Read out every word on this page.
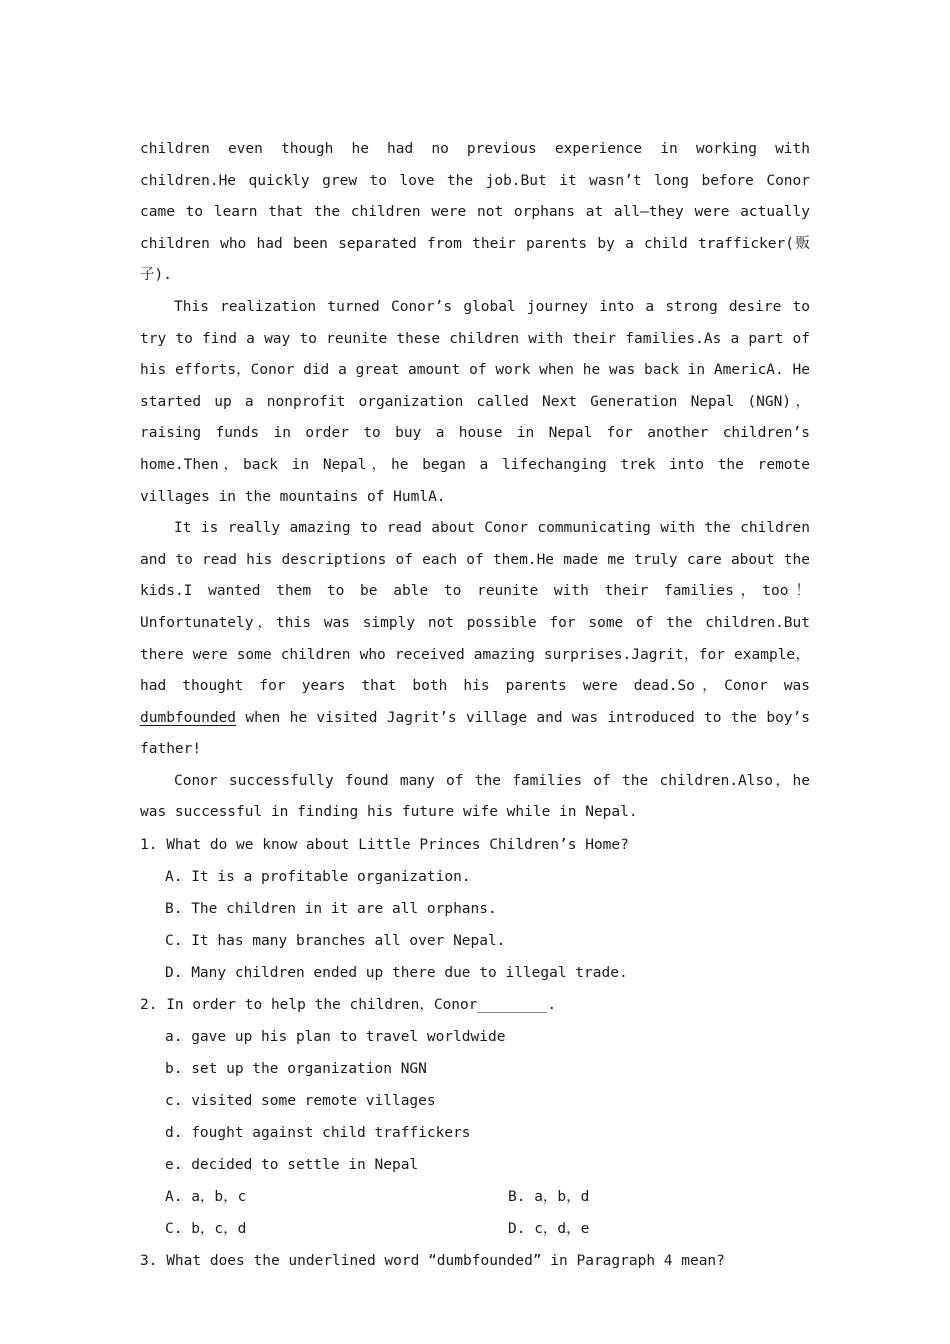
children even though he had no previous experience in working with children.He quickly grew to love the job.But it wasn’t long before Conor came to learn that the children were not orphans at all—they were actually children who had been separated from their parents by a child trafficker(贩子).

This realization turned Conor’s global journey into a strong desire to try to find a way to reunite these children with their families.As a part of his efforts，Conor did a great amount of work when he was back in AmericA. He started up a nonprofit organization called Next Generation Nepal (NGN)，raising funds in order to buy a house in Nepal for another children’s home.Then，back in Nepal，he began a lifechanging trek into the remote villages in the mountains of HumlA.

It is really amazing to read about Conor communicating with the children and to read his descriptions of each of them.He made me truly care about the kids.I wanted them to be able to reunite with their families，too！Unfortunately，this was simply not possible for some of the children.But there were some children who received amazing surprises.Jagrit，for example，had thought for years that both his parents were dead.So，Conor was dumbfounded when he visited Jagrit’s village and was introduced to the boy’s father!

Conor successfully found many of the families of the children.Also，he was successful in finding his future wife while in Nepal.

1. What do we know about Little Princes Children’s Home?
A. It is a profitable organization.
B. The children in it are all orphans.
C. It has many branches all over Nepal.
D. Many children ended up there due to illegal trade.
2. In order to help the children，Conor________.
a. gave up his plan to travel worldwide
b. set up the organization NGN
c. visited some remote villages
d. fought against child traffickers
e. decided to settle in Nepal
A. a，b，c	B. a，b，d
C. b，c，d	D. c，d，e
3. What does the underlined word “dumbfounded” in Paragraph 4 mean?
